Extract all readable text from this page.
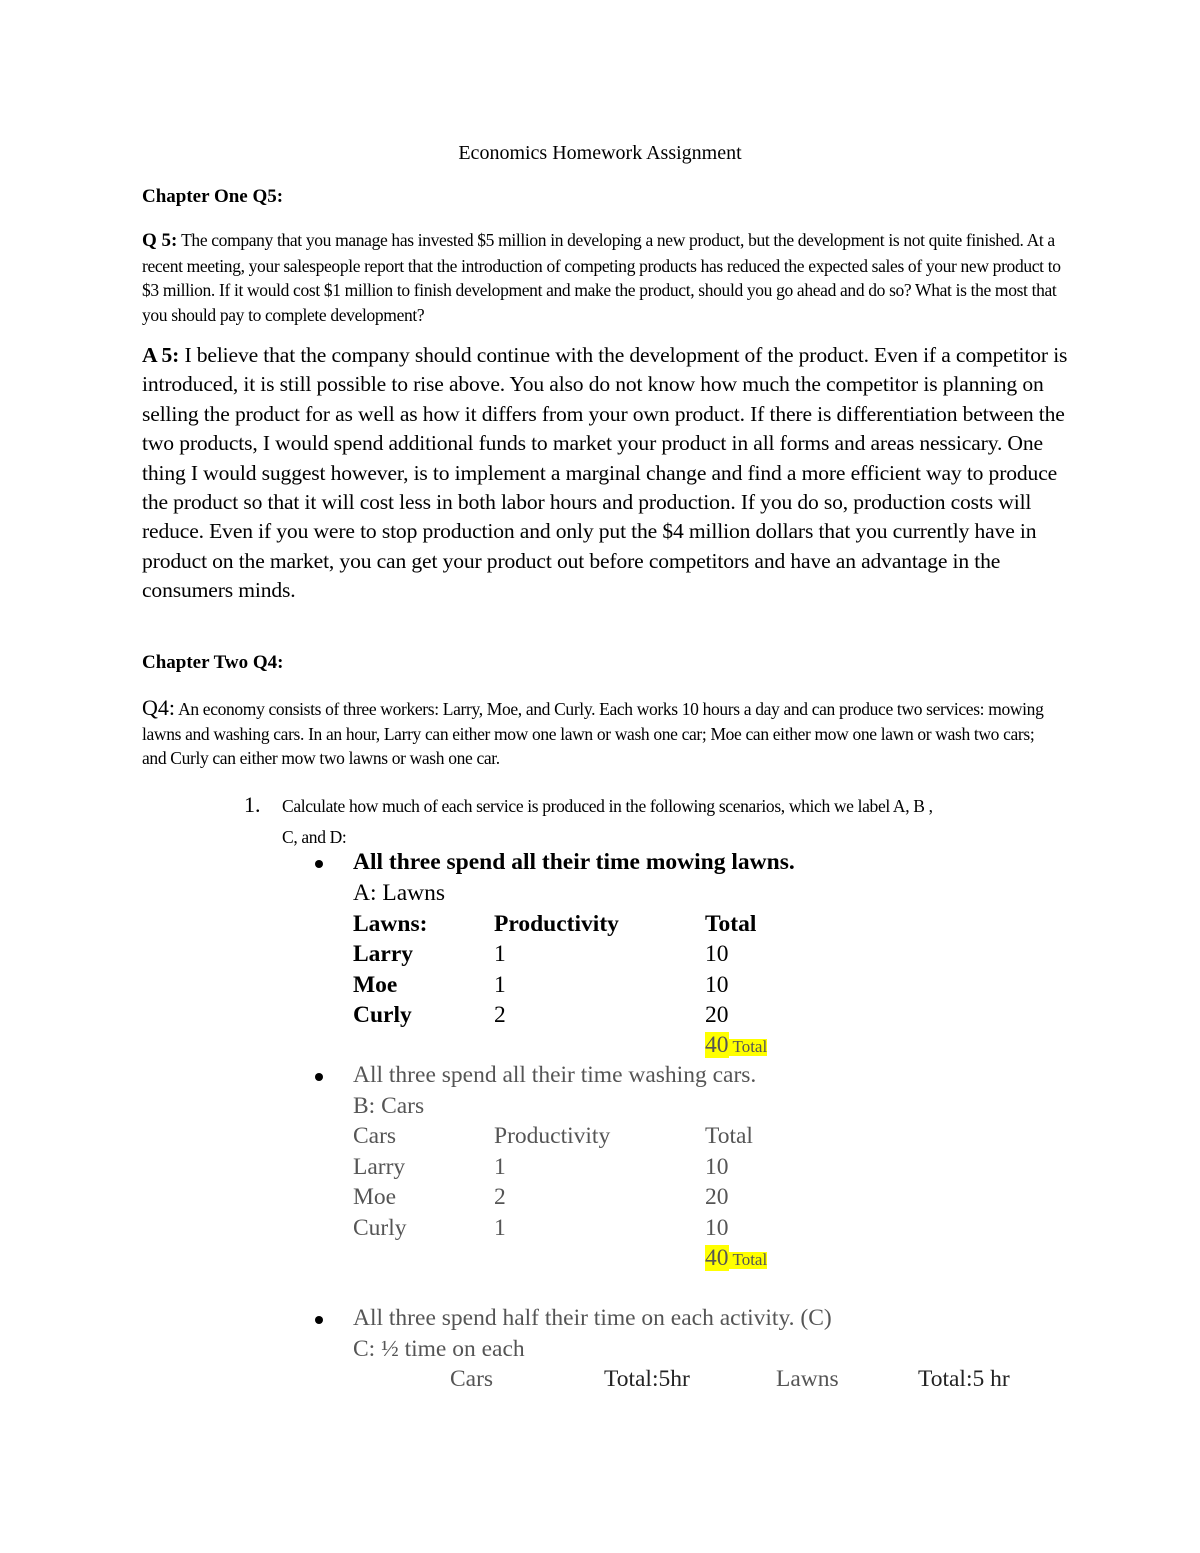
Economics Homework Assignment
Chapter One Q5:
Q 5: The company that you manage has invested $5 million in developing a new product, but the development is not quite finished. At a recent meeting, your salespeople report that the introduction of competing products has reduced the expected sales of your new product to $3 million. If it would cost $1 million to finish development and make the product, should you go ahead and do so? What is the most that you should pay to complete development?
A 5: I believe that the company should continue with the development of the product. Even if a competitor is introduced, it is still possible to rise above. You also do not know how much the competitor is planning on selling the product for as well as how it differs from your own product. If there is differentiation between the two products, I would spend additional funds to market your product in all forms and areas nessicary. One thing I would suggest however, is to implement a marginal change and find a more efficient way to produce the product so that it will cost less in both labor hours and production. If you do so, production costs will reduce. Even if you were to stop production and only put the $4 million dollars that you currently have in product on the market, you can get your product out before competitors and have an advantage in the consumers minds.
Chapter Two Q4:
Q4: An economy consists of three workers: Larry, Moe, and Curly. Each works 10 hours a day and can produce two services: mowing lawns and washing cars. In an hour, Larry can either mow one lawn or wash one car; Moe can either mow one lawn or wash two cars; and Curly can either mow two lawns or wash one car.
1. Calculate how much of each service is produced in the following scenarios, which we label A, B ,
C, and D:
All three spend all their time mowing lawns.
A: Lawns
Lawns:	Productivity	Total
Larry	1	10
Moe	1	10
Curly	2	20
40 Total
All three spend all their time washing cars.
B: Cars
Cars	Productivity	Total
Larry	1	10
Moe	2	20
Curly	1	10
40 Total
All three spend half their time on each activity. (C)
C: ½ time on each
Cars	Total:5hr	Lawns	Total:5 hr
